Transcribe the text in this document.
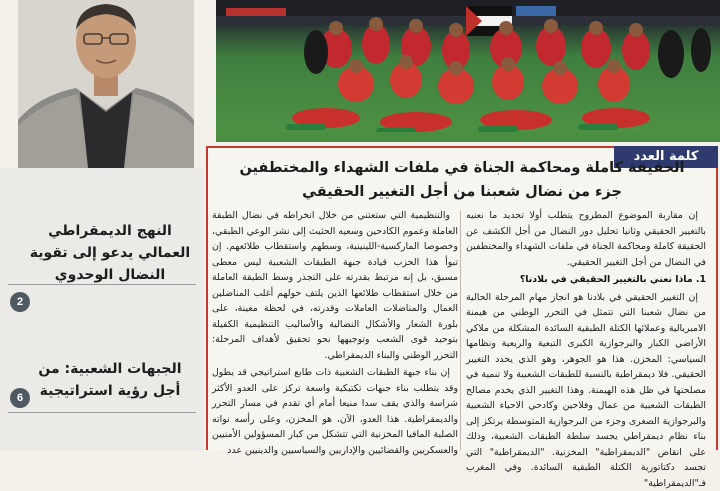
النهج الديمقراطي العمالي يدعو إلى تقوية النضال الوحدوي
2
الجبهات الشعبية: من أجل رؤية استراتيجية
6
كلمة العدد
الحقيقة كاملة ومحاكمة الجناة في ملفات الشهداء والمختطفين
جزء من نضال شعبنا من أجل التغيير الحقيقي

إن مقاربة الموضوع المطروح يتطلب أولا تحديد ما نعنيه بالتغيير الحقيقي وثانيا تحليل دور النضال من أجل الكشف عن الحقيقة كاملة ومحاكمة الجناة في ملفات الشهداء والمختطفين في النضال من أجل التغيير الحقيقي.

1. ماذا نعني بالتغيير الحقيقي في بلادنا؟

إن التغيير الحقيقي في بلادنا هو انجاز مهام المرحلة الحالية من نضال شعبنا التي تتمثل في التحرر الوطني من هيمنة الامبريالية وعملائها الكتلة الطبقية السائدة المشكلة من ملاكي الأراضي الكبار والبرجوازية الكبرى التبعية والريعية ونظامها السياسي: المخزن. هذا هو الجوهر، وهو الذي يحدد التغيير الحقيقي. فلا ديمقراطية بالنسبة للطبقات الشعبية ولا تنمية في مصلحتها في ظل هذه الهيمنة. وهذا التغيير الذي يخدم مصالح الطبقات الشعبية من عمال وفلاحين وكادحي الاحياء الشعبية والبرجوازية الصغرى وجزء من البرجوازية المتوسطة يرتكز إلى بناء نظام ديمقراطي يجسد سلطة الطبقات الشعبية، وذلك على انقاض "الديمقراطية" المخزنية. "الديمقراطية" التي تجسد دكتاتورية الكتلة الطبقية السائدة. وفي المغرب فـ"الديمقراطية"

والتنظيمية التي ستعتني من خلال انخراطه في نضال الطبقة العاملة وعموم الكادحين وسعيه الحثيث إلى نشر الوعي الطبقي، وخصوصا الماركسية-اللينينية، وسطهم واستقطاب طلائعهم. إن تبوأ هذا الحزب قيادة جبهة الطبقات الشعبية ليس معطى مسبق، بل إنه مرتبط بقدرته على التجذر وسط الطبقة العاملة من خلال استقطاب طلائعها الذين يلتف حولهم أغلب المناضلين العمال والمناضلات العاملات وقدرته، في لحظة معينة، على بلورة الشعار والأشكال النضالية والأساليب التنظيمية الكفيلة بتوحيد قوى الشعب وتوجيهها نحو تحقيق لأهداف المرحلة: التحرر الوطني والبناء الديمقراطي.

إن بناء جبهة الطبقات الشعبية ذات طابع استراتيجي قد يطول وقد يتطلب بناء جبهات تكتيكية واسعة تركز على العدو الأكثر شراسة والذي يقف سدا منيعا أمام أي تقدم في مسار التحرر والديمقراطية. هذا العدو، الآن، هو المخزن، وعلى رأسه نواته الصلبة المافيا المخزنية التي تتشكل من كبار المسؤولين الأمنيين والعسكريين والقضائيين والإداريين والسياسيين والدينيين عدد
